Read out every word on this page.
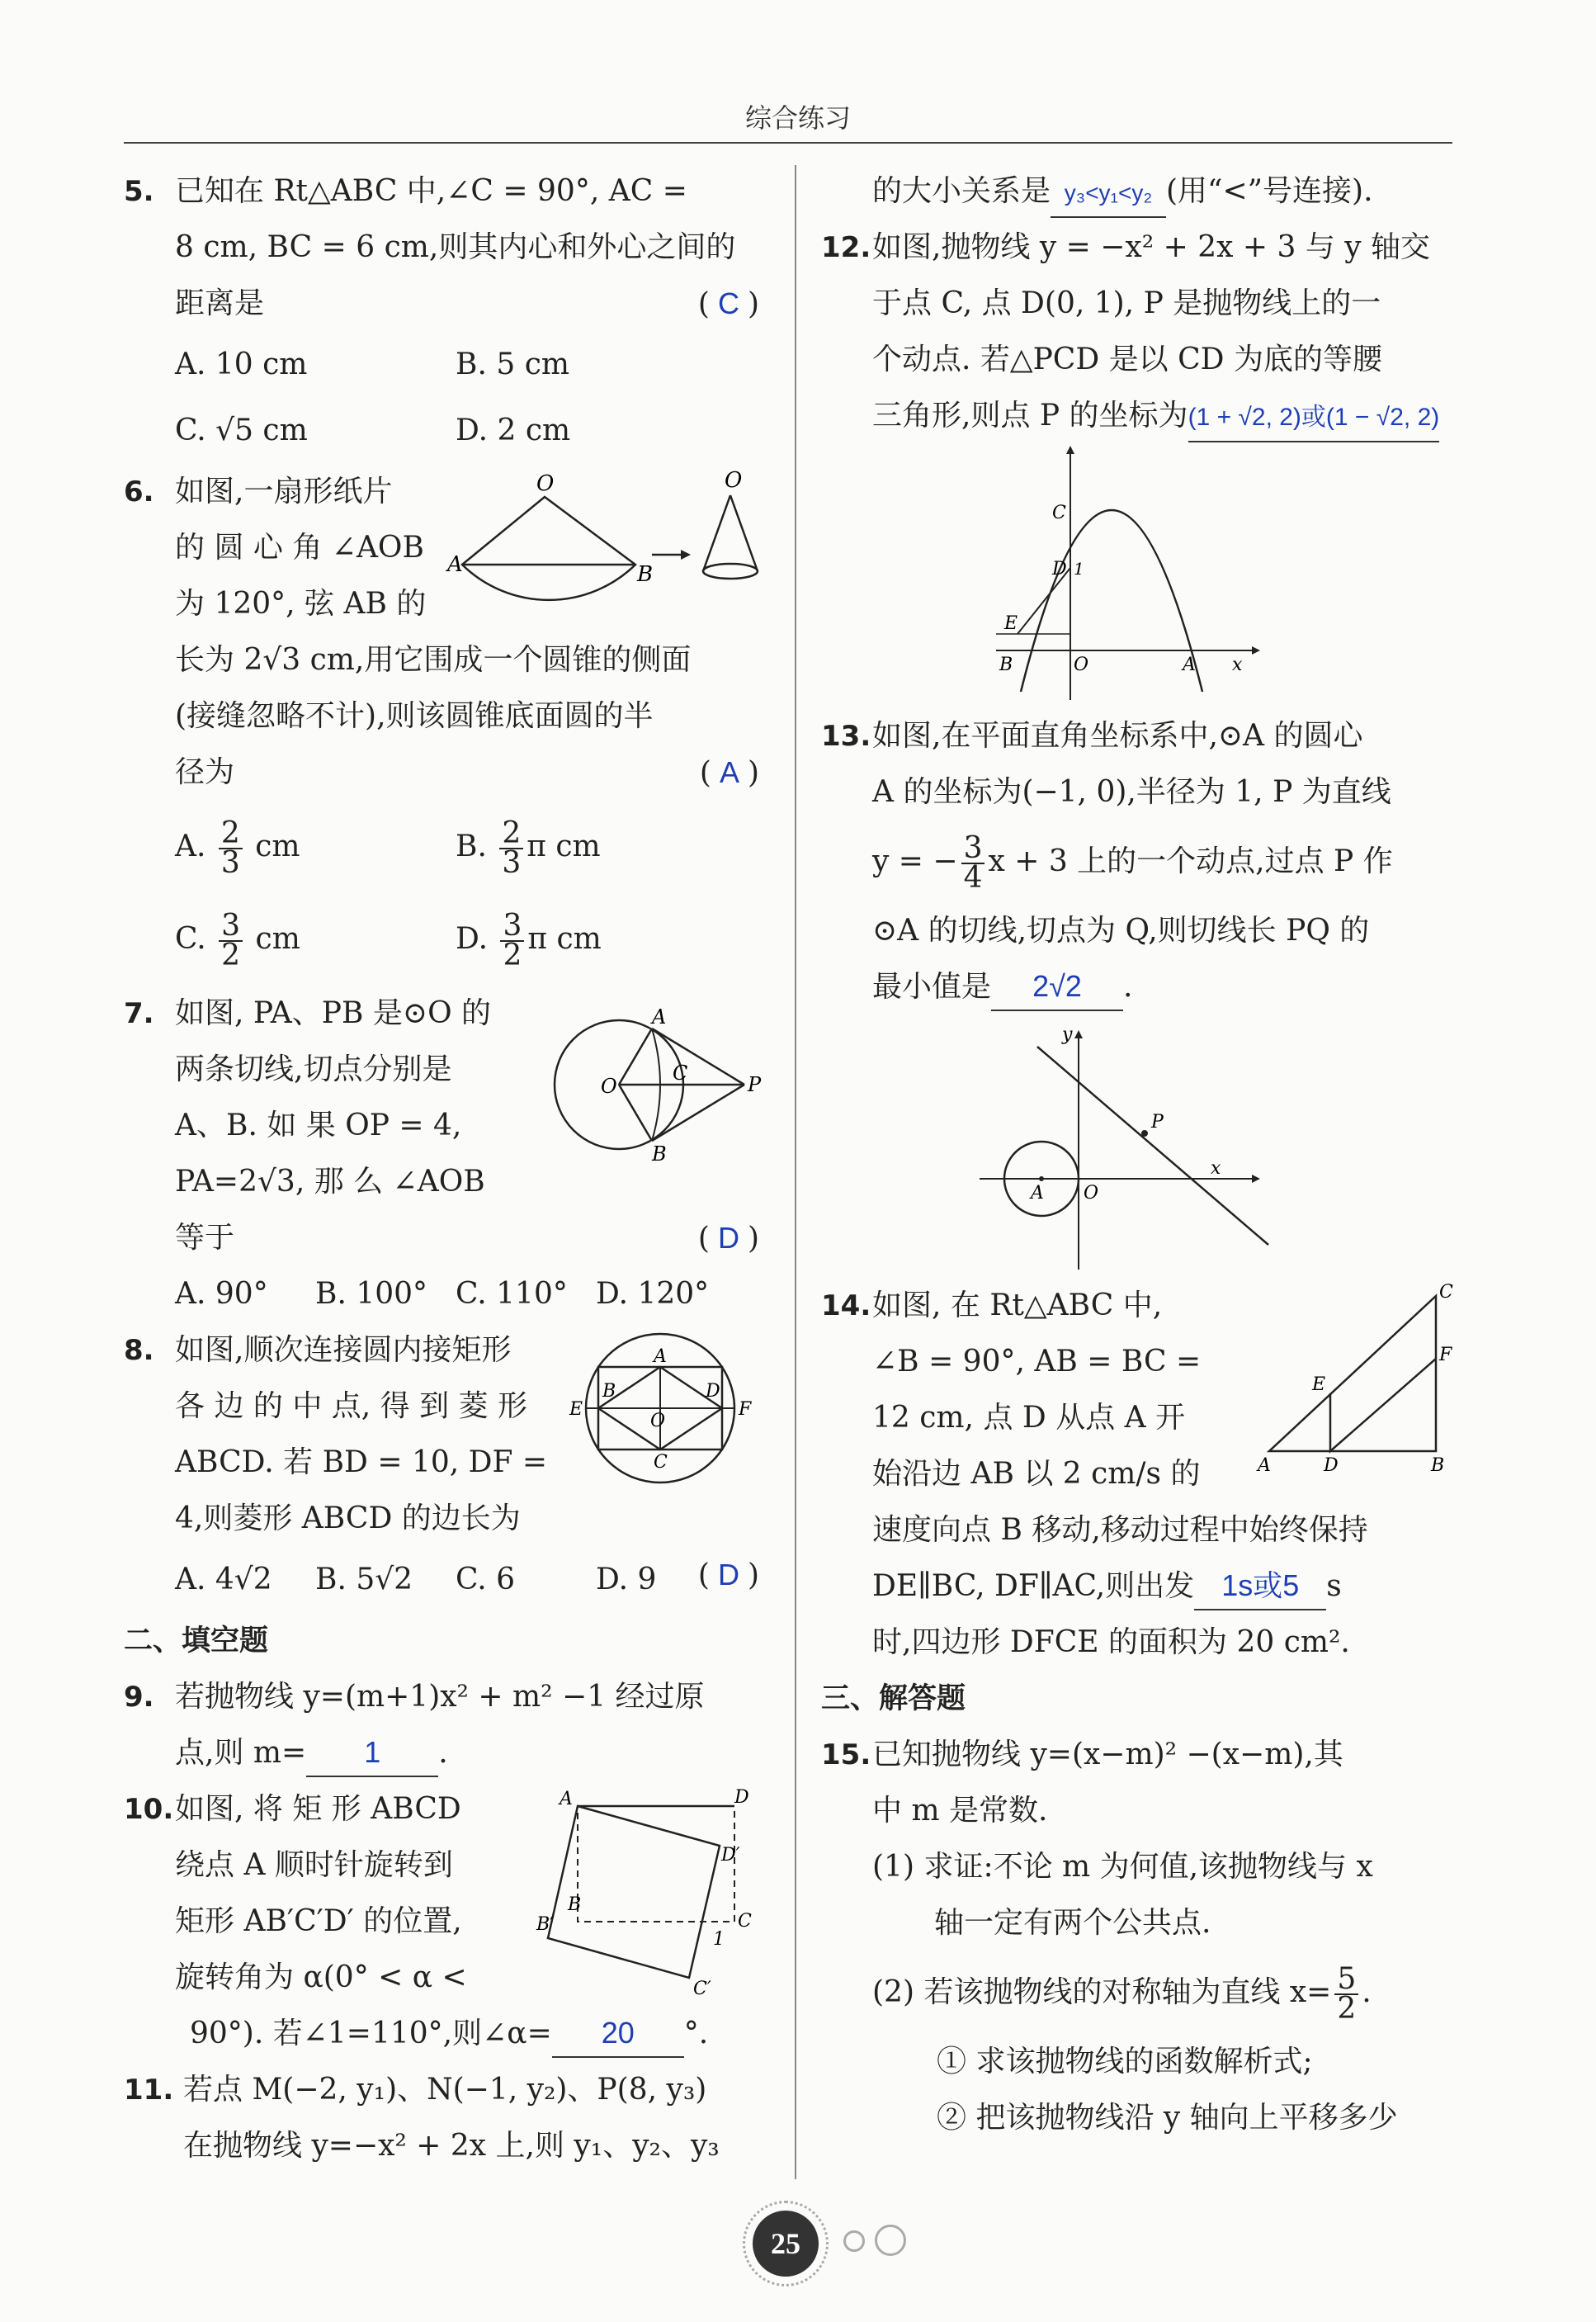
综合练习
5. 已知在 Rt△ABC 中,∠C = 90°, AC =

8 cm, BC = 6 cm,则其内心和外心之间的

距离是	( C )

A. 10 cm	B. 5 cm
C. √5 cm	D. 2 cm
6.	O
A	B
O

如图,一扇形纸片

的 圆 心 角 ∠AOB

为 120°, 弦 AB 的

长为 2√3 cm,用它围成一个圆锥的侧面

(接缝忽略不计),则该圆锥底面圆的半

径为	( A )

A. $\frac{2}{3}$ cm	B. $\frac{2}{3}$ π cm
C. $\frac{3}{2}$ cm	D. $\frac{3}{2}$ π cm
7.	A
O
C	P
B

如图, PA、PB 是⊙O 的

两条切线,切点分别是

A、B. 如 果 OP = 4,

PA=2√3, 那 么 ∠AOB

等于	( D )

A. 90°	B. 100° C. 110° D. 120°
8.	A
B	D
E
O
F
C

如图,顺次连接圆内接矩形

各 边 的 中 点, 得 到 菱 形

ABCD. 若 BD = 10, DF =

4,则菱形 ABCD 的边长为
( D )

A. 4√2	B. 5√2	C. 6	D. 9
二、填空题
9. 若抛物线 y=(m+1)x² + m² −1 经过原

点,则 m= 1 .

10.	A	D
D′
B′
B
C
C′
1

如图, 将 矩 形 ABCD

绕点 A 顺时针旋转到

矩形 AB′C′D′ 的位置,

旋转角为 α(0° < α <

90°). 若∠1=110°,则∠α= 20 °.

11. 若点 M(−2, y₁)、N(−1, y₂)、P(8, y₃)

在抛物线 y=−x² + 2x 上,则 y₁、y₂、y₃

的大小关系是 y₃<y₁<y₂ (用“<”号连接).

12. 如图,抛物线 y = −x² + 2x + 3 与 y 轴交

于点 C, 点 D(0, 1), P 是抛物线上的一

个动点. 若△PCD 是以 CD 为底的等腰

三角形,则点 P 的坐标为(1 + √2, 2)或(1 − √2, 2)

C
D 1
E
B	O	A x
13. 如图,在平面直角坐标系中,⊙A 的圆心

A 的坐标为(−1, 0),半径为 1, P 为直线

y = − $\frac{3}{4}$ x + 3 上的一个动点,过点 P 作

⊙A 的切线,切点为 Q,则切线长 PQ 的

最小值是 2√2 .

y
P
A O
x
14.	C
F
E
A	D	B

如图, 在 Rt△ABC 中,

∠B = 90°, AB = BC =

12 cm, 点 D 从点 A 开

始沿边 AB 以 2 cm/s 的

速度向点 B 移动,移动过程中始终保持

DE∥BC, DF∥AC,则出发 1s或5 s

时,四边形 DFCE 的面积为 20 cm².

三、解答题
15. 已知抛物线 y=(x−m)² −(x−m),其

中 m 是常数.

(1) 求证:不论 m 为何值,该抛物线与 x

轴一定有两个公共点.

(2) 若该抛物线的对称轴为直线 $x= \frac{5}{2}$ .

① 求该抛物线的函数解析式;

② 把该抛物线沿 y 轴向上平移多少

25
